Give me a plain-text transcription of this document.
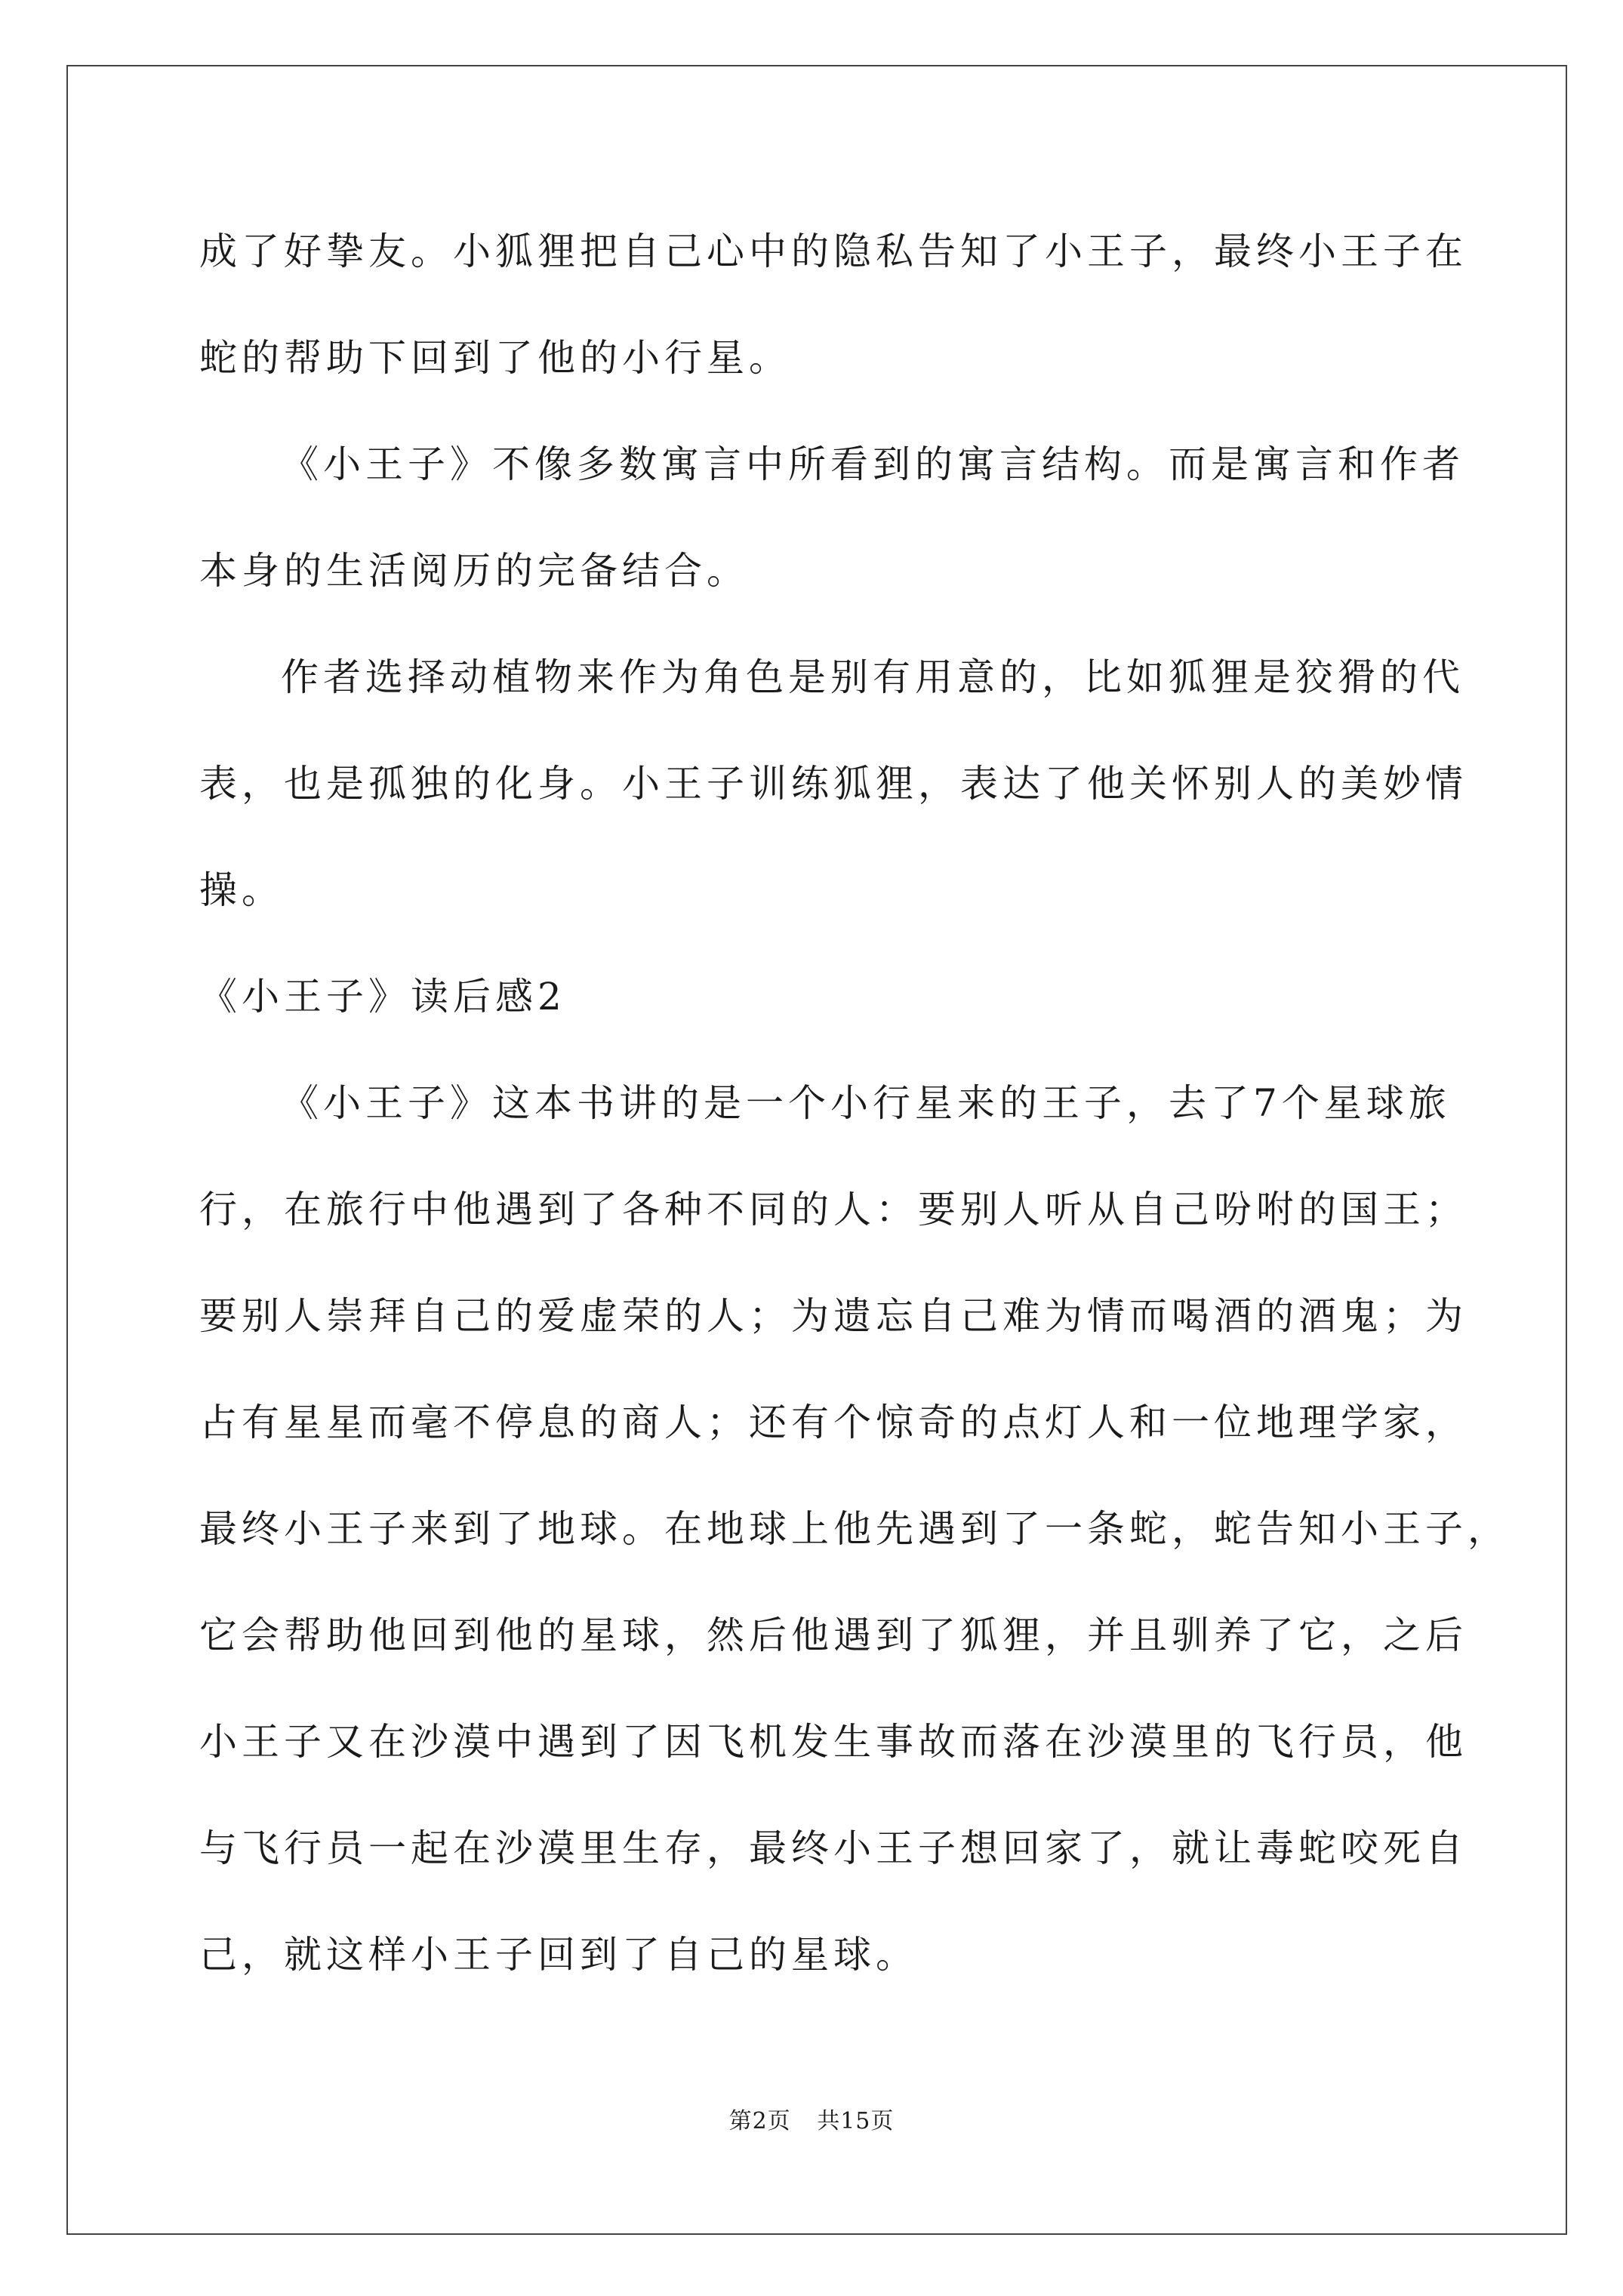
成了好挚友。小狐狸把自己心中的隐私告知了小王子，最终小王子在
蛇的帮助下回到了他的小行星。
《小王子》不像多数寓言中所看到的寓言结构。而是寓言和作者
本身的生活阅历的完备结合。
作者选择动植物来作为角色是别有用意的，比如狐狸是狡猾的代
表，也是孤独的化身。小王子训练狐狸，表达了他关怀别人的美妙情
操。
《小王子》读后感2
《小王子》这本书讲的是一个小行星来的王子，去了7个星球旅
行，在旅行中他遇到了各种不同的人：要别人听从自己吩咐的国王；
要别人崇拜自己的爱虚荣的人；为遗忘自己难为情而喝酒的酒鬼；为
占有星星而毫不停息的商人；还有个惊奇的点灯人和一位地理学家，
最终小王子来到了地球。在地球上他先遇到了一条蛇，蛇告知小王子，
它会帮助他回到他的星球，然后他遇到了狐狸，并且驯养了它，之后
小王子又在沙漠中遇到了因飞机发生事故而落在沙漠里的飞行员，他
与飞行员一起在沙漠里生存，最终小王子想回家了，就让毒蛇咬死自
己，就这样小王子回到了自己的星球。
第2页 共15页
